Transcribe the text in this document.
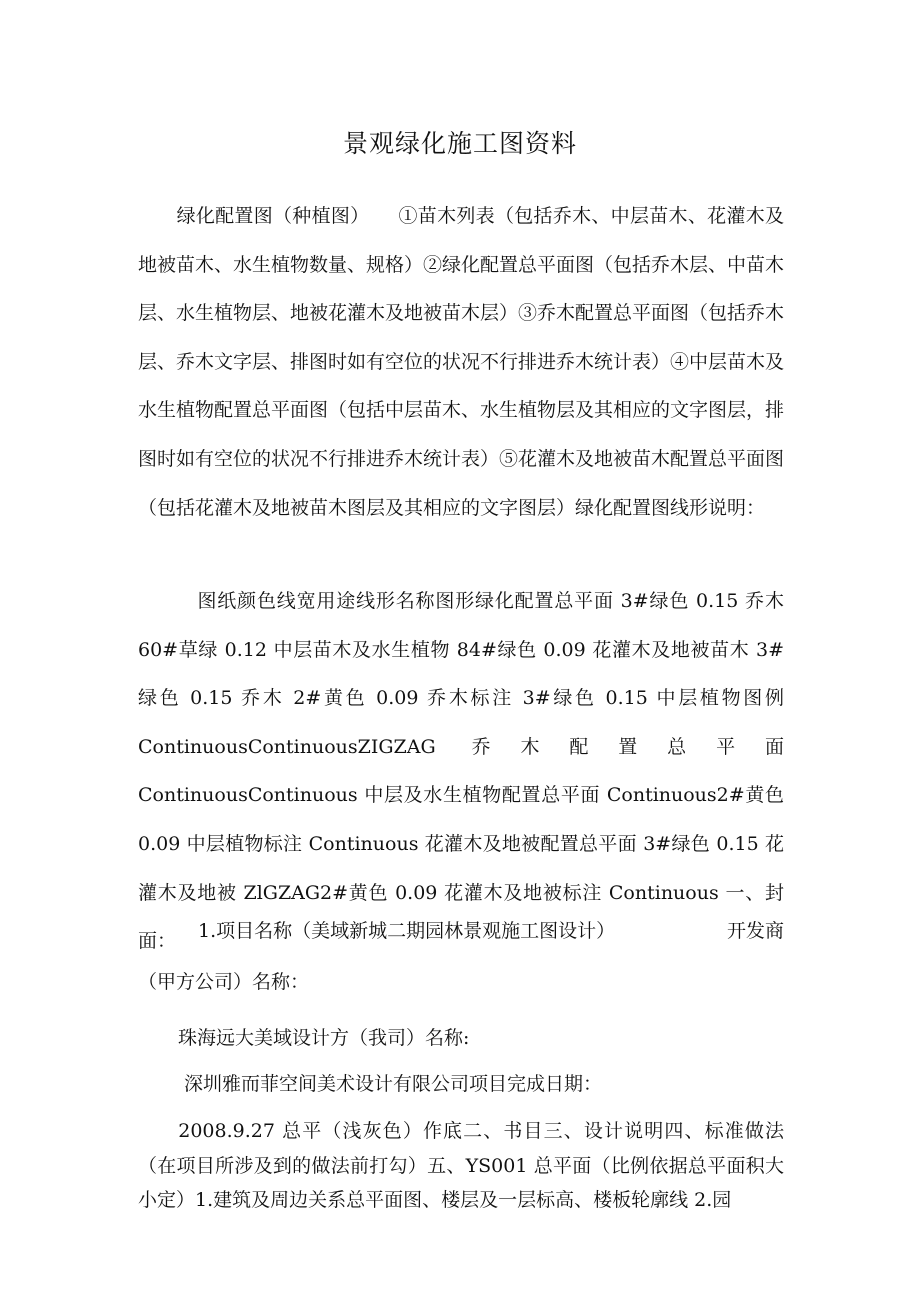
景观绿化施工图资料

　　绿化配置图（种植图）　　①苗木列表（包括乔木、中层苗木、花灌木及地被苗木、水生植物数量、规格）②绿化配置总平面图（包括乔木层、中苗木层、水生植物层、地被花灌木及地被苗木层）③乔木配置总平面图（包括乔木层、乔木文字层、排图时如有空位的状况不行排进乔木统计表）④中层苗木及水生植物配置总平面图（包括中层苗木、水生植物层及其相应的文字图层，排图时如有空位的状况不行排进乔木统计表）⑤花灌木及地被苗木配置总平面图（包括花灌木及地被苗木图层及其相应的文字图层）绿化配置图线形说明：

　　　图纸颜色线宽用途线形名称图形绿化配置总平面 3#绿色 0.15 乔木 60#草绿 0.12 中层苗木及水生植物 84#绿色 0.09 花灌木及地被苗木 3#绿色 0.15 乔木 2#黄色 0.09 乔木标注 3#绿色 0.15 中层植物图例 ContinuousContinuousZIGZAG 乔木配置总平面 ContinuousContinuous 中层及水生植物配置总平面 Continuous2#黄色 0.09 中层植物标注 Continuous 花灌木及地被配置总平面 3#绿色 0.15 花灌木及地被 ZlGZAG2#黄色 0.09 花灌木及地被标注 Continuous 一、封面：	1.项目名称（美域新城二期园林景观施工图设计）	开发商
（甲方公司）名称：
珠海远大美域设计方（我司）名称:
深圳雅而菲空间美术设计有限公司项目完成日期：

　　2008.9.27 总平（浅灰色）作底二、书目三、设计说明四、标准做法（在项目所涉及到的做法前打勾）五、YS001 总平面（比例依据总平面积大小定）1.建筑及周边关系总平面图、楼层及一层标高、楼板轮廓线 2.园
